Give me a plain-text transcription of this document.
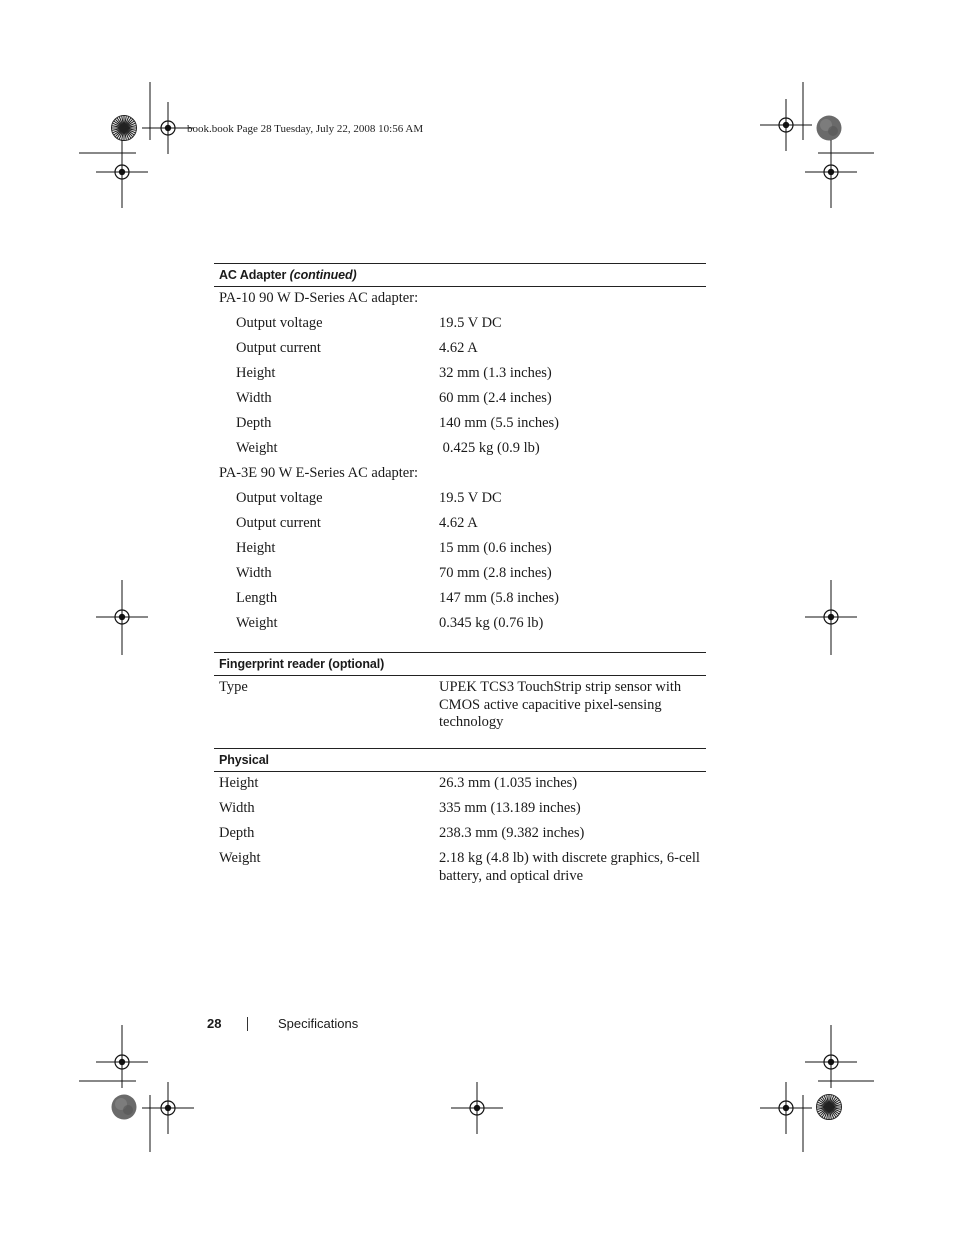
book.book Page 28 Tuesday, July 22, 2008 10:56 AM
AC Adapter (continued)
PA-10 90 W D-Series AC adapter:
Output voltage	19.5 V DC
Output current	4.62 A
Height	32 mm (1.3 inches)
Width	60 mm (2.4 inches)
Depth	140 mm (5.5 inches)
Weight	0.425 kg (0.9 lb)
PA-3E 90 W E-Series AC adapter:
Output voltage	19.5 V DC
Output current	4.62 A
Height	15 mm (0.6 inches)
Width	70 mm (2.8 inches)
Length	147 mm (5.8 inches)
Weight	0.345 kg (0.76 lb)
Fingerprint reader (optional)
Type	UPEK TCS3 TouchStrip strip sensor with CMOS active capacitive pixel-sensing technology
Physical
Height	26.3 mm (1.035 inches)
Width	335 mm (13.189 inches)
Depth	238.3 mm (9.382 inches)
Weight	2.18 kg (4.8 lb) with discrete graphics, 6-cell battery, and optical drive
28	Specifications
